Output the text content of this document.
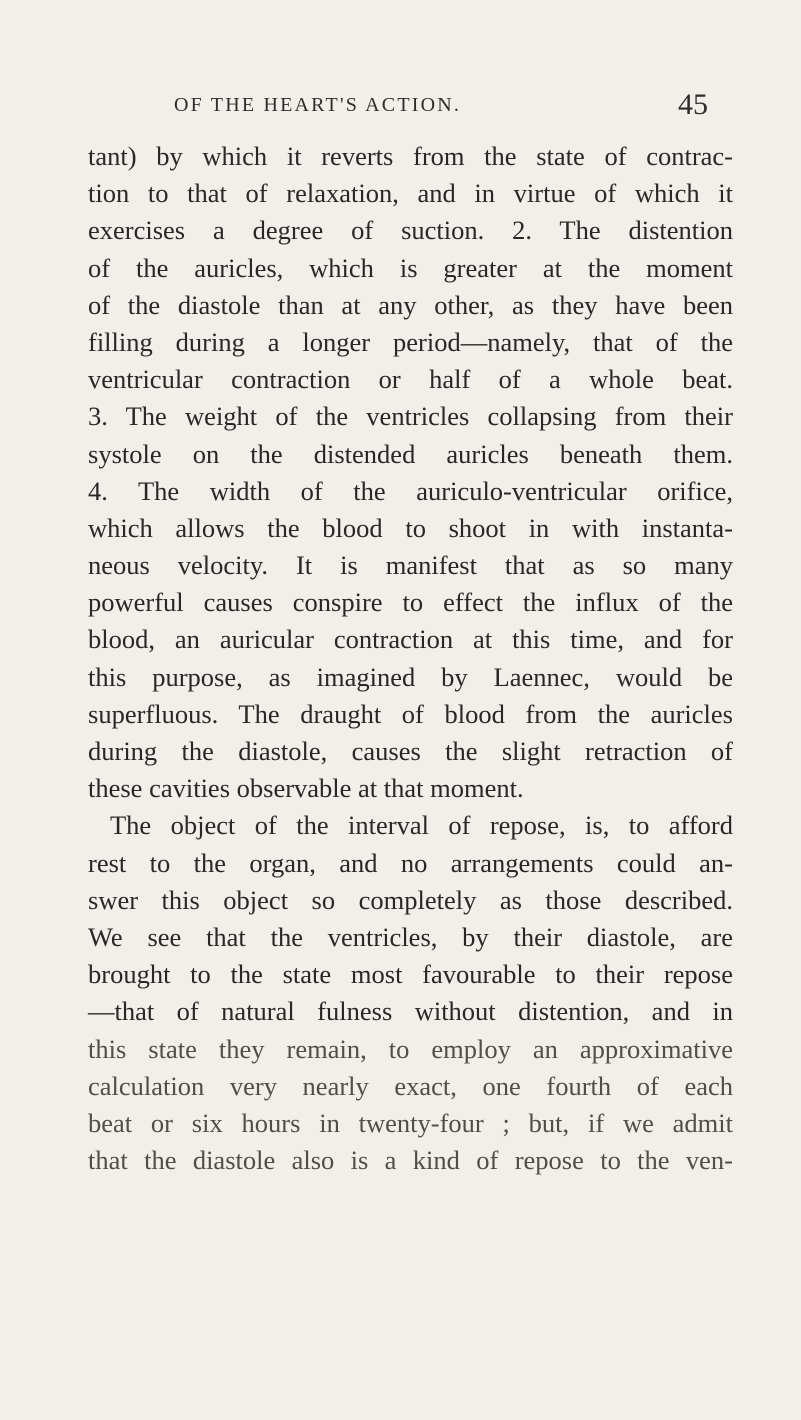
OF THE HEART'S ACTION.	45
tant) by which it reverts from the state of contrac-
tion to that of relaxation, and in virtue of which it
exercises a degree of suction. 2. The distention
of the auricles, which is greater at the moment
of the diastole than at any other, as they have been
filling during a longer period—namely, that of the
ventricular contraction or half of a whole beat.
3. The weight of the ventricles collapsing from their
systole on the distended auricles beneath them.
4. The width of the auriculo-ventricular orifice,
which allows the blood to shoot in with instanta-
neous velocity. It is manifest that as so many
powerful causes conspire to effect the influx of the
blood, an auricular contraction at this time, and for
this purpose, as imagined by Laennec, would be
superfluous. The draught of blood from the auricles
during the diastole, causes the slight retraction of
these cavities observable at that moment.
The object of the interval of repose, is, to afford
rest to the organ, and no arrangements could an-
swer this object so completely as those described.
We see that the ventricles, by their diastole, are
brought to the state most favourable to their repose
—that of natural fulness without distention, and in
this state they remain, to employ an approximative
calculation very nearly exact, one fourth of each
beat or six hours in twenty-four ; but, if we admit
that the diastole also is a kind of repose to the ven-
